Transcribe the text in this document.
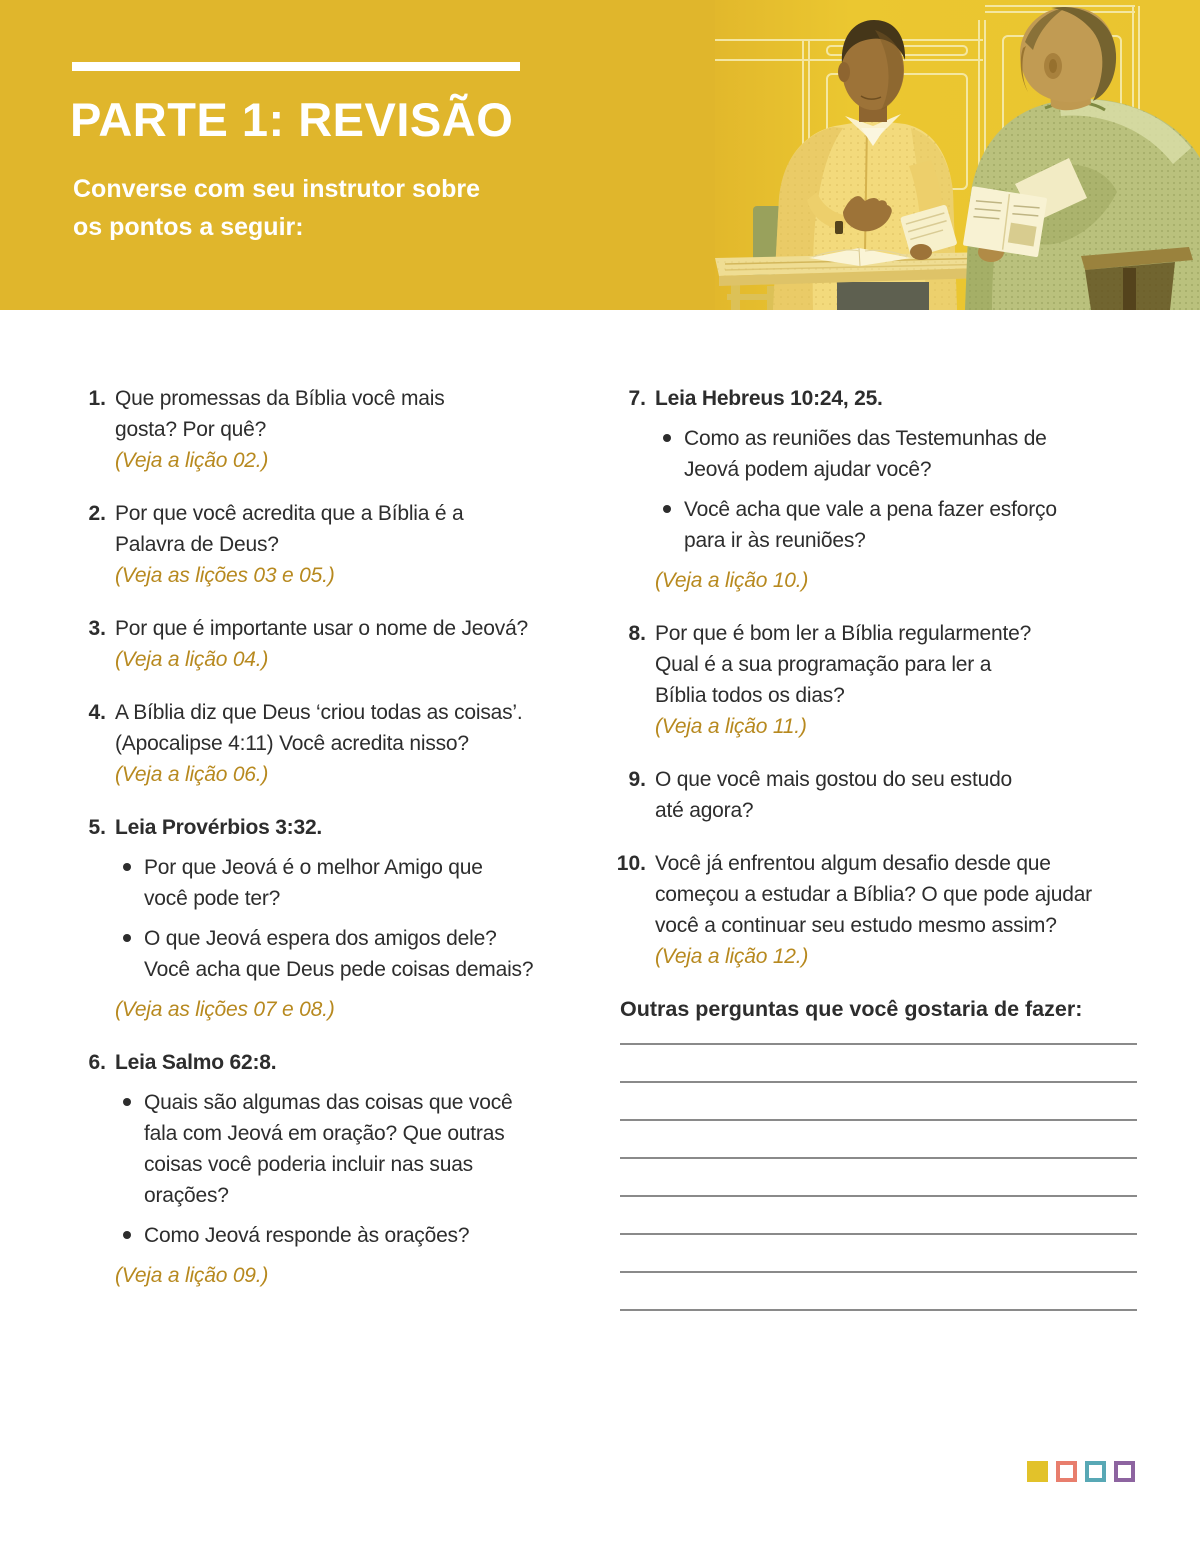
PARTE 1: REVISÃO

Converse com seu instrutor sobre
os pontos a seguir:

1. Que promessas da Bíblia você mais
gosta? Por quê?
(Veja a lição 02.)
2. Por que você acredita que a Bíblia é a
Palavra de Deus?
(Veja as lições 03 e 05.)
3. Por que é importante usar o nome de Jeová?
(Veja a lição 04.)
4. A Bíblia diz que Deus ‘criou todas as coisas’.
(Apocalipse 4:11) Você acredita nisso?
(Veja a lição 06.)
5. Leia Provérbios 3:32.
Por que Jeová é o melhor Amigo que
você pode ter?
O que Jeová espera dos amigos dele?
Você acha que Deus pede coisas demais?
(Veja as lições 07 e 08.)
6. Leia Salmo 62:8.
Quais são algumas das coisas que você
fala com Jeová em oração? Que outras
coisas você poderia incluir nas suas
orações?
Como Jeová responde às orações?
(Veja a lição 09.)
7. Leia Hebreus 10:24, 25.
Como as reuniões das Testemunhas de
Jeová podem ajudar você?
Você acha que vale a pena fazer esforço
para ir às reuniões?
(Veja a lição 10.)
8. Por que é bom ler a Bíblia regularmente?
Qual é a sua programação para ler a
Bíblia todos os dias?
(Veja a lição 11.)
9. O que você mais gostou do seu estudo
até agora?
10. Você já enfrentou algum desafio desde que
começou a estudar a Bíblia? O que pode ajudar
você a continuar seu estudo mesmo assim?
(Veja a lição 12.)
Outras perguntas que você gostaria de fazer:
